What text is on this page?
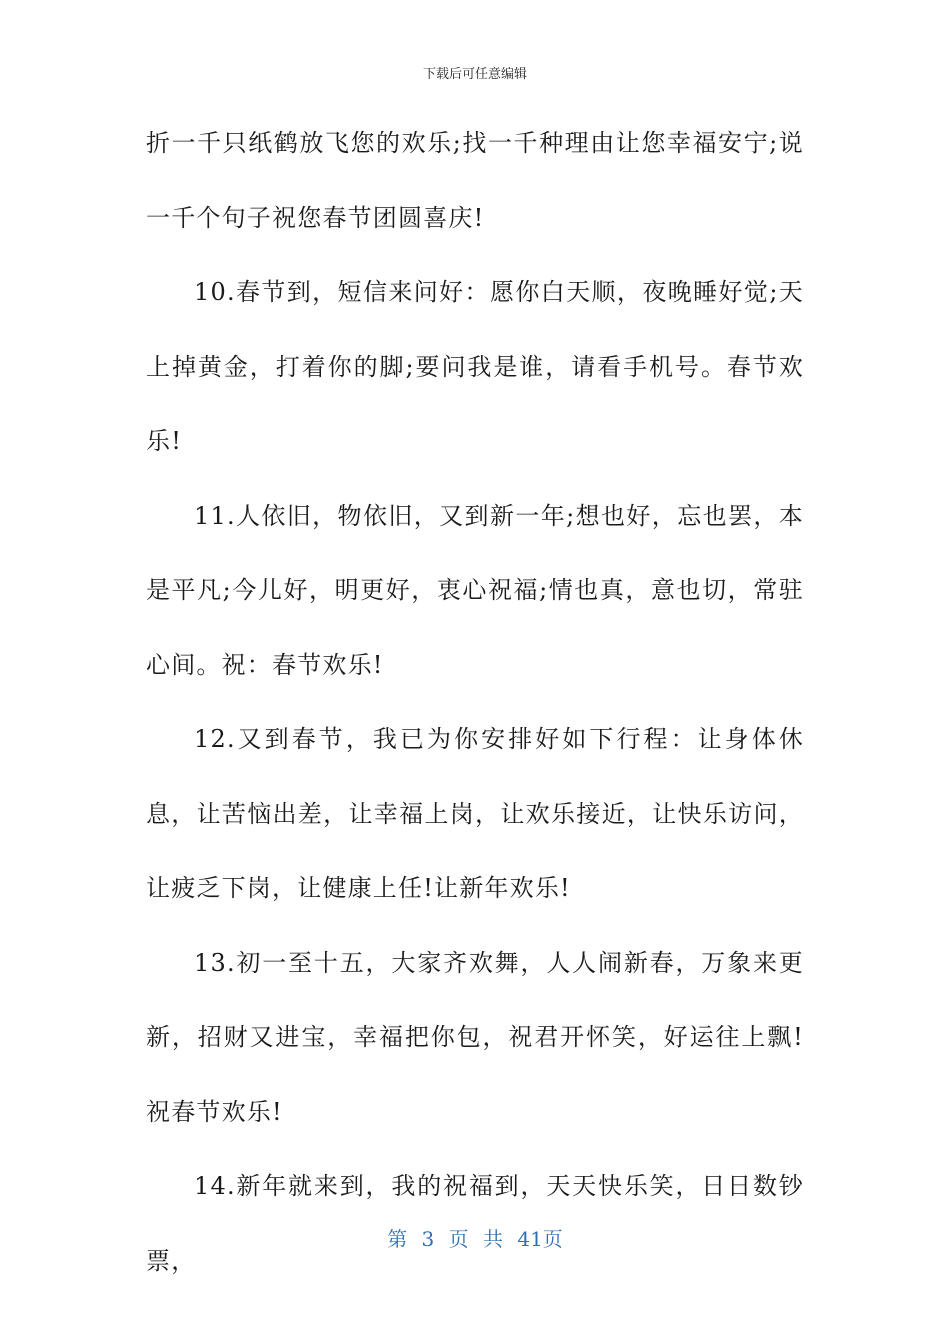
下载后可任意编辑

折一千只纸鹤放飞您的欢乐;找一千种理由让您幸福安宁;说一千个句子祝您春节团圆喜庆!

10.春节到，短信来问好：愿你白天顺，夜晚睡好觉;天上掉黄金，打着你的脚;要问我是谁，请看手机号。春节欢乐!

11.人依旧，物依旧，又到新一年;想也好，忘也罢，本是平凡;今儿好，明更好，衷心祝福;情也真，意也切，常驻心间。祝：春节欢乐!

12.又到春节，我已为你安排好如下行程：让身体休息，让苦恼出差，让幸福上岗，让欢乐接近，让快乐访问，让疲乏下岗，让健康上任!让新年欢乐!

13.初一至十五，大家齐欢舞，人人闹新春，万象来更新，招财又进宝，幸福把你包，祝君开怀笑，好运往上飘!祝春节欢乐!

14.新年就来到，我的祝福到，天天快乐笑，日日数钞票，

第 3 页 共 41页
